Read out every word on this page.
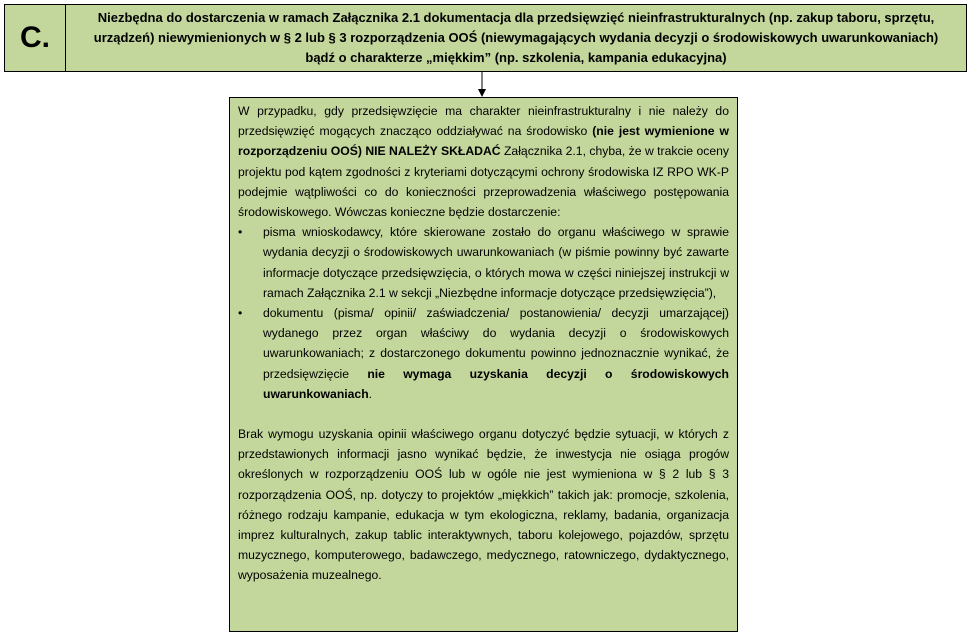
C.
Niezbędna do dostarczenia w ramach Załącznika 2.1 dokumentacja dla przedsięwzięć nieinfrastrukturalnych (np. zakup taboru, sprzętu, urządzeń) niewymienionych w § 2 lub § 3 rozporządzenia OOŚ (niewymagających wydania decyzji o środowiskowych uwarunkowaniach) bądź o charakterze „miękkim” (np. szkolenia, kampania edukacyjna)

W przypadku, gdy przedsięwzięcie ma charakter nieinfrastrukturalny i nie należy do przedsięwzięć mogących znacząco oddziaływać na środowisko (nie jest wymienione w rozporządzeniu OOŚ) NIE NALEŻY SKŁADAĆ Załącznika 2.1, chyba, że w trakcie oceny projektu pod kątem zgodności z kryteriami dotyczącymi ochrony środowiska IZ RPO WK-P podejmie wątpliwości co do konieczności przeprowadzenia właściwego postępowania środowiskowego. Wówczas konieczne będzie dostarczenie:

• pisma wnioskodawcy, które skierowane zostało do organu właściwego w sprawie wydania decyzji o środowiskowych uwarunkowaniach (w piśmie powinny być zawarte informacje dotyczące przedsięwzięcia, o których mowa w części niniejszej instrukcji w ramach Załącznika 2.1 w sekcji „Niezbędne informacje dotyczące przedsięwzięcia”),
• dokumentu (pisma/ opinii/ zaświadczenia/ postanowienia/ decyzji umarzającej) wydanego przez organ właściwy do wydania decyzji o środowiskowych uwarunkowaniach; z dostarczonego dokumentu powinno jednoznacznie wynikać, że przedsięwzięcie nie wymaga uzyskania decyzji o środowiskowych uwarunkowaniach.

Brak wymogu uzyskania opinii właściwego organu dotyczyć będzie sytuacji, w których z przedstawionych informacji jasno wynikać będzie, że inwestycja nie osiąga progów określonych w rozporządzeniu OOŚ lub w ogóle nie jest wymieniona w § 2 lub § 3 rozporządzenia OOŚ, np. dotyczy to projektów „miękkich” takich jak: promocje, szkolenia, różnego rodzaju kampanie, edukacja w tym ekologiczna, reklamy, badania, organizacja imprez kulturalnych, zakup tablic interaktywnych, taboru kolejowego, pojazdów, sprzętu muzycznego, komputerowego, badawczego, medycznego, ratowniczego, dydaktycznego, wyposażenia muzealnego.
